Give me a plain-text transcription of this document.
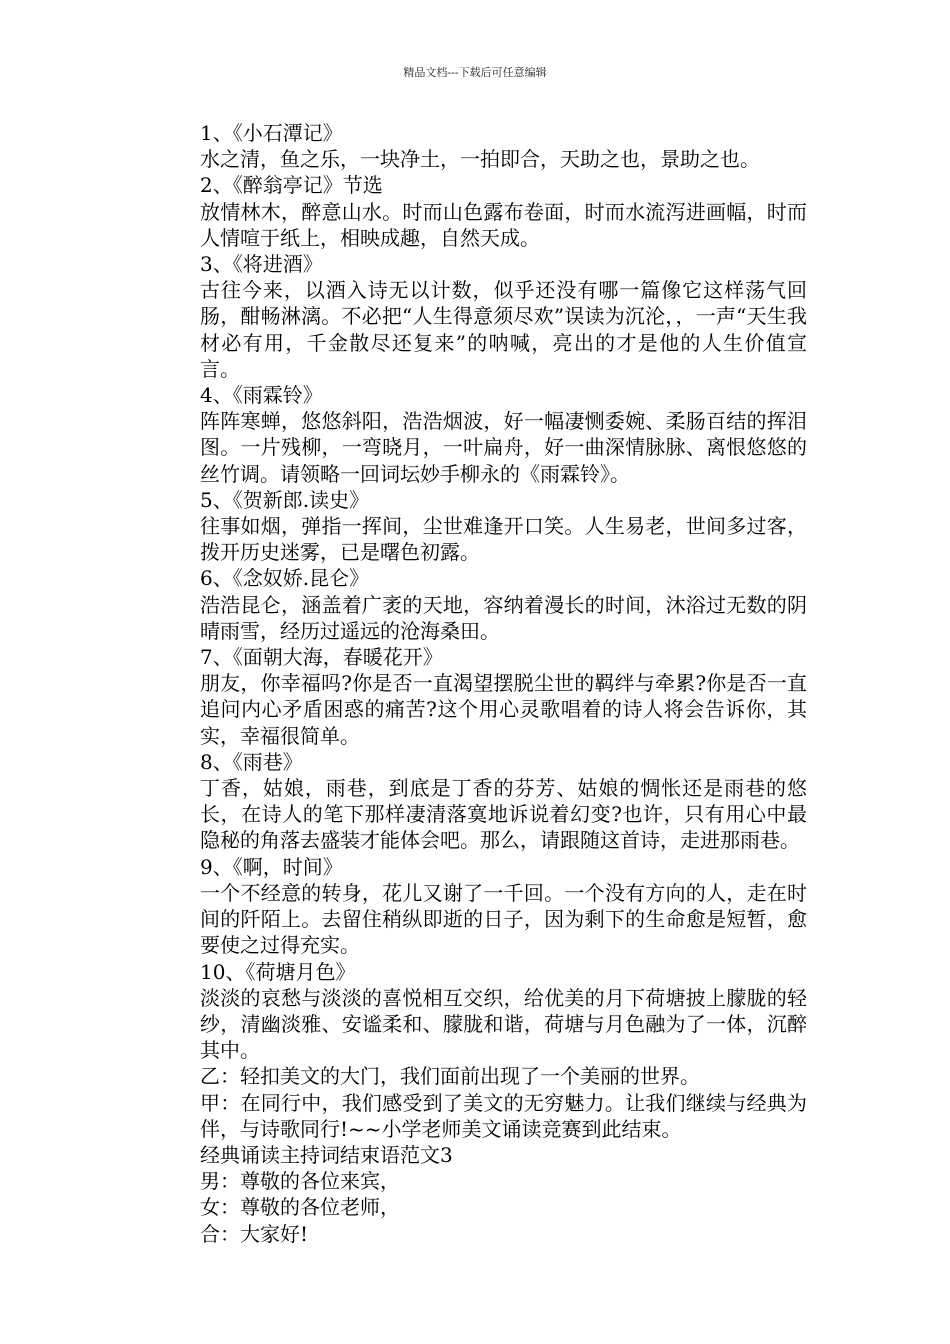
精品文档---下载后可任意编辑

1、《小石潭记》

水之清，鱼之乐，一块净土，一拍即合，天助之也，景助之也。

2、《醉翁亭记》节选

放情林木，醉意山水。时而山色露布卷面，时而水流泻进画幅，时而人情喧于纸上，相映成趣，自然天成。

3、《将进酒》

古往今来，以酒入诗无以计数，似乎还没有哪一篇像它这样荡气回肠，酣畅淋漓。不必把“人生得意须尽欢”误读为沉沦，，一声“天生我材必有用，千金散尽还复来”的呐喊，亮出的才是他的人生价值宣言。

4、《雨霖铃》

阵阵寒蝉，悠悠斜阳，浩浩烟波，好一幅凄恻委婉、柔肠百结的挥泪图。一片残柳，一弯晓月，一叶扁舟，好一曲深情脉脉、离恨悠悠的丝竹调。请领略一回词坛妙手柳永的《雨霖铃》。

5、《贺新郎.读史》

往事如烟，弹指一挥间，尘世难逢开口笑。人生易老，世间多过客，拨开历史迷雾，已是曙色初露。

6、《念奴娇.昆仑》

浩浩昆仑，涵盖着广袤的天地，容纳着漫长的时间，沐浴过无数的阴晴雨雪，经历过遥远的沧海桑田。

7、《面朝大海，春暖花开》

朋友，你幸福吗?你是否一直渴望摆脱尘世的羁绊与牵累?你是否一直追问内心矛盾困惑的痛苦?这个用心灵歌唱着的诗人将会告诉你，其实，幸福很简单。

8、《雨巷》

丁香，姑娘，雨巷，到底是丁香的芬芳、姑娘的惆怅还是雨巷的悠长，在诗人的笔下那样凄清落寞地诉说着幻变?也许，只有用心中最隐秘的角落去盛装才能体会吧。那么，请跟随这首诗，走进那雨巷。

9、《啊，时间》

一个不经意的转身，花儿又谢了一千回。一个没有方向的人，走在时间的阡陌上。去留住稍纵即逝的日子，因为剩下的生命愈是短暂，愈要使之过得充实。

10、《荷塘月色》

淡淡的哀愁与淡淡的喜悦相互交织，给优美的月下荷塘披上朦胧的轻纱，清幽淡雅、安谧柔和、朦胧和谐，荷塘与月色融为了一体，沉醉其中。

乙：轻扣美文的大门，我们面前出现了一个美丽的世界。

甲：在同行中，我们感受到了美文的无穷魅力。让我们继续与经典为伴，与诗歌同行!~~小学老师美文诵读竞赛到此结束。

经典诵读主持词结束语范文3

男：尊敬的各位来宾，

女：尊敬的各位老师，

合：大家好!
